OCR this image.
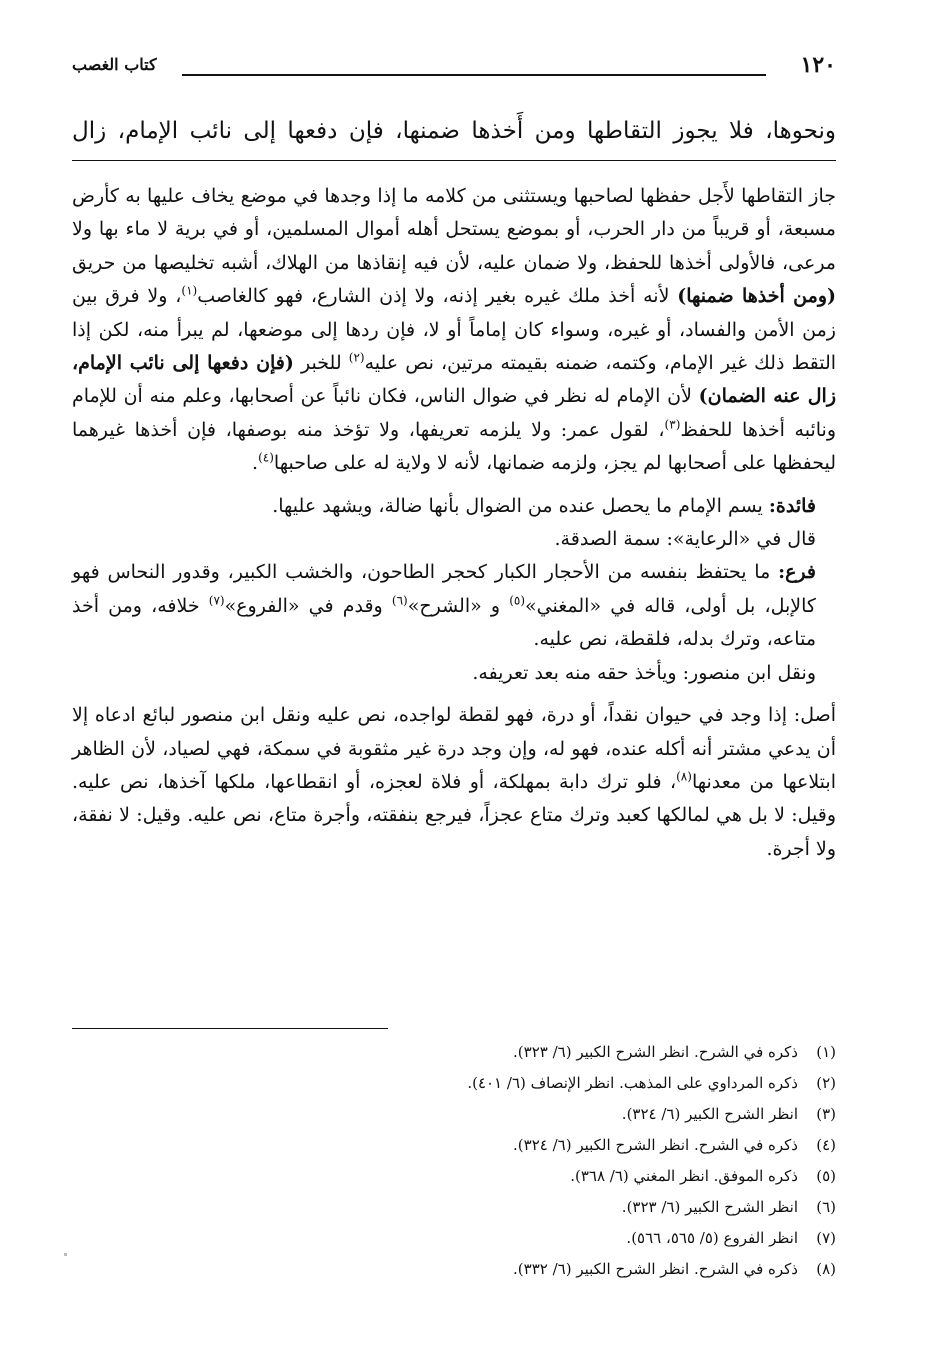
١٢٠
كتاب الغصب
ونحوها، فلا يجوز التقاطها ومن أَخذها ضمنها، فإن دفعها إلى نائب الإمام، زال

جاز التقاطها لأَجل حفظها لصاحبها ويستثنى من كلامه ما إذا وجدها في موضع يخاف عليها به كأرض مسبعة، أو قريباً من دار الحرب، أو بموضع يستحل أهله أموال المسلمين، أو في برية لا ماء بها ولا مرعى، فالأولى أخذها للحفظ، ولا ضمان عليه، لأن فيه إنقاذها من الهلاك، أشبه تخليصها من حريق (ومن أخذها ضمنها) لأنه أخذ ملك غيره بغير إذنه، ولا إذن الشارع، فهو كالغاصب$^{(١)}$، ولا فرق بين زمن الأمن والفساد، أو غيره، وسواء كان إماماً أو لا، فإن ردها إلى موضعها، لم يبرأ منه، لكن إذا التقط ذلك غير الإمام، وكتمه، ضمنه بقيمته مرتين، نص عليه$^{(٢)}$ للخبر (فإن دفعها إلى نائب الإمام، زال عنه الضمان) لأن الإمام له نظر في ضوال الناس، فكان نائباً عن أصحابها، وعلم منه أن للإمام ونائبه أخذها للحفظ$^{(٣)}$، لقول عمر: ولا يلزمه تعريفها، ولا تؤخذ منه بوصفها، فإن أخذها غيرهما ليحفظها على أصحابها لم يجز، ولزمه ضمانها، لأنه لا ولاية له على صاحبها$^{(٤)}$.

فائدة: يسم الإمام ما يحصل عنده من الضوال بأنها ضالة، ويشهد عليها.

قال في «الرعاية»: سمة الصدقة.

فرع: ما يحتفظ بنفسه من الأحجار الكبار كحجر الطاحون، والخشب الكبير، وقدور النحاس فهو كالإبل، بل أولى، قاله في «المغني»$^{(٥)}$ و «الشرح»$^{(٦)}$ وقدم في «الفروع»$^{(٧)}$ خلافه، ومن أخذ متاعه، وترك بدله، فلقطة، نص عليه.

ونقل ابن منصور: ويأخذ حقه منه بعد تعريفه.

أصل: إذا وجد في حيوان نقداً، أو درة، فهو لقطة لواجده، نص عليه ونقل ابن منصور لبائع ادعاه إلا أن يدعي مشتر أنه أكله عنده، فهو له، وإن وجد درة غير مثقوبة في سمكة، فهي لصياد، لأن الظاهر ابتلاعها من معدنها$^{(٨)}$، فلو ترك دابة بمهلكة، أو فلاة لعجزه، أو انقطاعها، ملكها آخذها، نص عليه. وقيل: لا بل هي لمالكها كعبد وترك متاع عجزاً، فيرجع بنفقته، وأجرة متاع، نص عليه. وقيل: لا نفقة، ولا أجرة.

(١)
ذكره في الشرح. انظر الشرح الكبير (٦/ ٣٢٣).
(٢)
ذكره المرداوي على المذهب. انظر الإنصاف (٦/ ٤٠١).
(٣)
انظر الشرح الكبير (٦/ ٣٢٤).
(٤)
ذكره في الشرح. انظر الشرح الكبير (٦/ ٣٢٤).
(٥)
ذكره الموفق. انظر المغني (٦/ ٣٦٨).
(٦)
انظر الشرح الكبير (٦/ ٣٢٣).
(٧)
انظر الفروع (٥/ ٥٦٥، ٥٦٦).
(٨)
ذكره في الشرح. انظر الشرح الكبير (٦/ ٣٣٢).
